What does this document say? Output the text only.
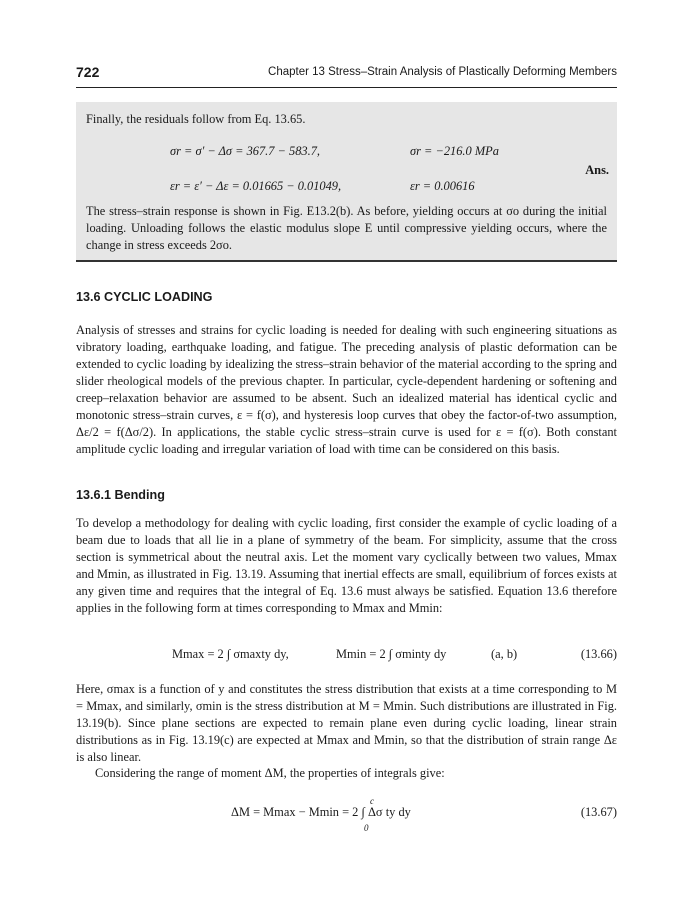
722	Chapter 13 Stress–Strain Analysis of Plastically Deforming Members
Finally, the residuals follow from Eq. 13.65.
σr = σ′ − Δσ = 367.7 − 583.7,	σr = −216.0 MPa
Ans.
εr = ε′ − Δε = 0.01665 − 0.01049,	εr = 0.00616
The stress–strain response is shown in Fig. E13.2(b). As before, yielding occurs at σo during the initial loading. Unloading follows the elastic modulus slope E until compressive yielding occurs, where the change in stress exceeds 2σo.
13.6 CYCLIC LOADING
Analysis of stresses and strains for cyclic loading is needed for dealing with such engineering situations as vibratory loading, earthquake loading, and fatigue. The preceding analysis of plastic deformation can be extended to cyclic loading by idealizing the stress–strain behavior of the material according to the spring and slider rheological models of the previous chapter. In particular, cycle-dependent hardening or softening and creep–relaxation behavior are assumed to be absent. Such an idealized material has identical cyclic and monotonic stress–strain curves, ε = f(σ), and hysteresis loop curves that obey the factor-of-two assumption, Δε/2 = f(Δσ/2). In applications, the stable cyclic stress–strain curve is used for ε = f(σ). Both constant amplitude cyclic loading and irregular variation of load with time can be considered on this basis.
13.6.1 Bending
To develop a methodology for dealing with cyclic loading, first consider the example of cyclic loading of a beam due to loads that all lie in a plane of symmetry of the beam. For simplicity, assume that the cross section is symmetrical about the neutral axis. Let the moment vary cyclically between two values, Mmax and Mmin, as illustrated in Fig. 13.19. Assuming that inertial effects are small, equilibrium of forces exists at any given time and requires that the integral of Eq. 13.6 must always be satisfied. Equation 13.6 therefore applies in the following form at times corresponding to Mmax and Mmin:
Mmax = 2 ∫ σmaxty dy,	Mmin = 2 ∫ σminty dy	(a, b)	(13.66)
Here, σmax is a function of y and constitutes the stress distribution that exists at a time corresponding to M = Mmax, and similarly, σmin is the stress distribution at M = Mmin. Such distributions are illustrated in Fig. 13.19(b). Since plane sections are expected to remain plane even during cyclic loading, linear strain distributions as in Fig. 13.19(c) are expected at Mmax and Mmin, so that the distribution of strain range Δε is also linear.
Considering the range of moment ΔM, the properties of integrals give:
ΔM = Mmax − Mmin = 2 ∫ Δσ ty dy	(13.67)
c
0
